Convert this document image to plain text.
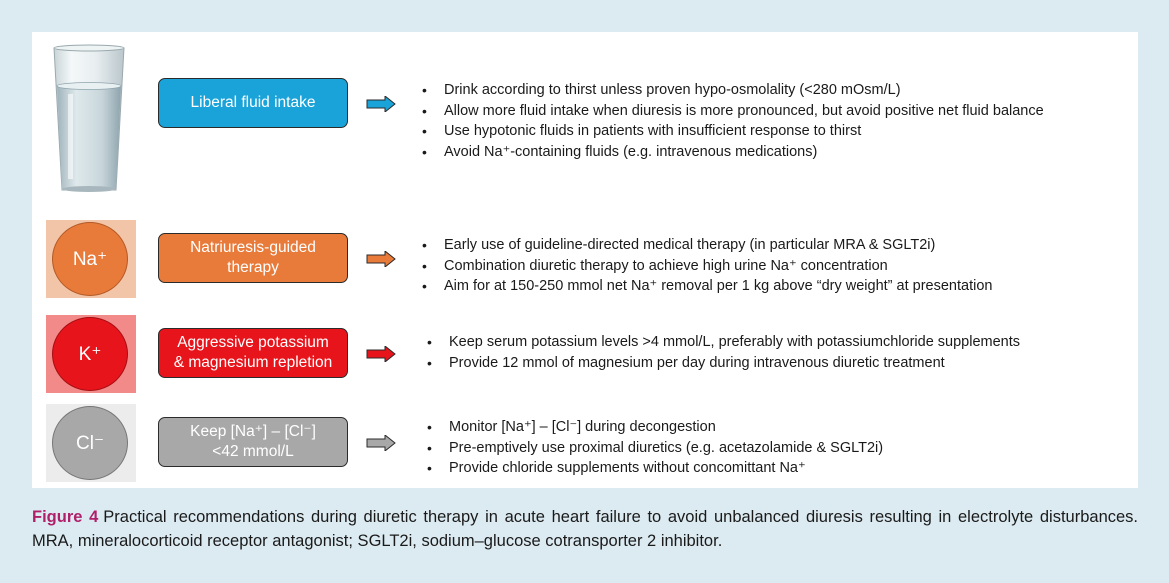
Liberal fluid intake
• Drink according to thirst unless proven hypo-osmolality (<280 mOsm/L)
• Allow more fluid intake when diuresis is more pronounced, but avoid positive net fluid balance
• Use hypotonic fluids in patients with insufficient response to thirst
• Avoid Na⁺-containing fluids (e.g. intravenous medications)
Na⁺
Natriuresis-guided
therapy
• Early use of guideline-directed medical therapy (in particular MRA & SGLT2i)
• Combination diuretic therapy to achieve high urine Na⁺ concentration
• Aim for at 150-250 mmol net Na⁺ removal per 1 kg above “dry weight” at presentation
K⁺
Aggressive potassium
& magnesium repletion
• Keep serum potassium levels >4 mmol/L, preferably with potassiumchloride supplements
• Provide 12 mmol of magnesium per day during intravenous diuretic treatment
Cl⁻
Keep [Na⁺] – [Cl⁻]
<42 mmol/L
• Monitor [Na⁺] – [Cl⁻] during decongestion
• Pre-emptively use proximal diuretics (e.g. acetazolamide & SGLT2i)
• Provide chloride supplements without concomittant Na⁺
Figure 4 Practical recommendations during diuretic therapy in acute heart failure to avoid unbalanced diuresis resulting in electrolyte disturbances. MRA, mineralocorticoid receptor antagonist; SGLT2i, sodium–glucose cotransporter 2 inhibitor.
